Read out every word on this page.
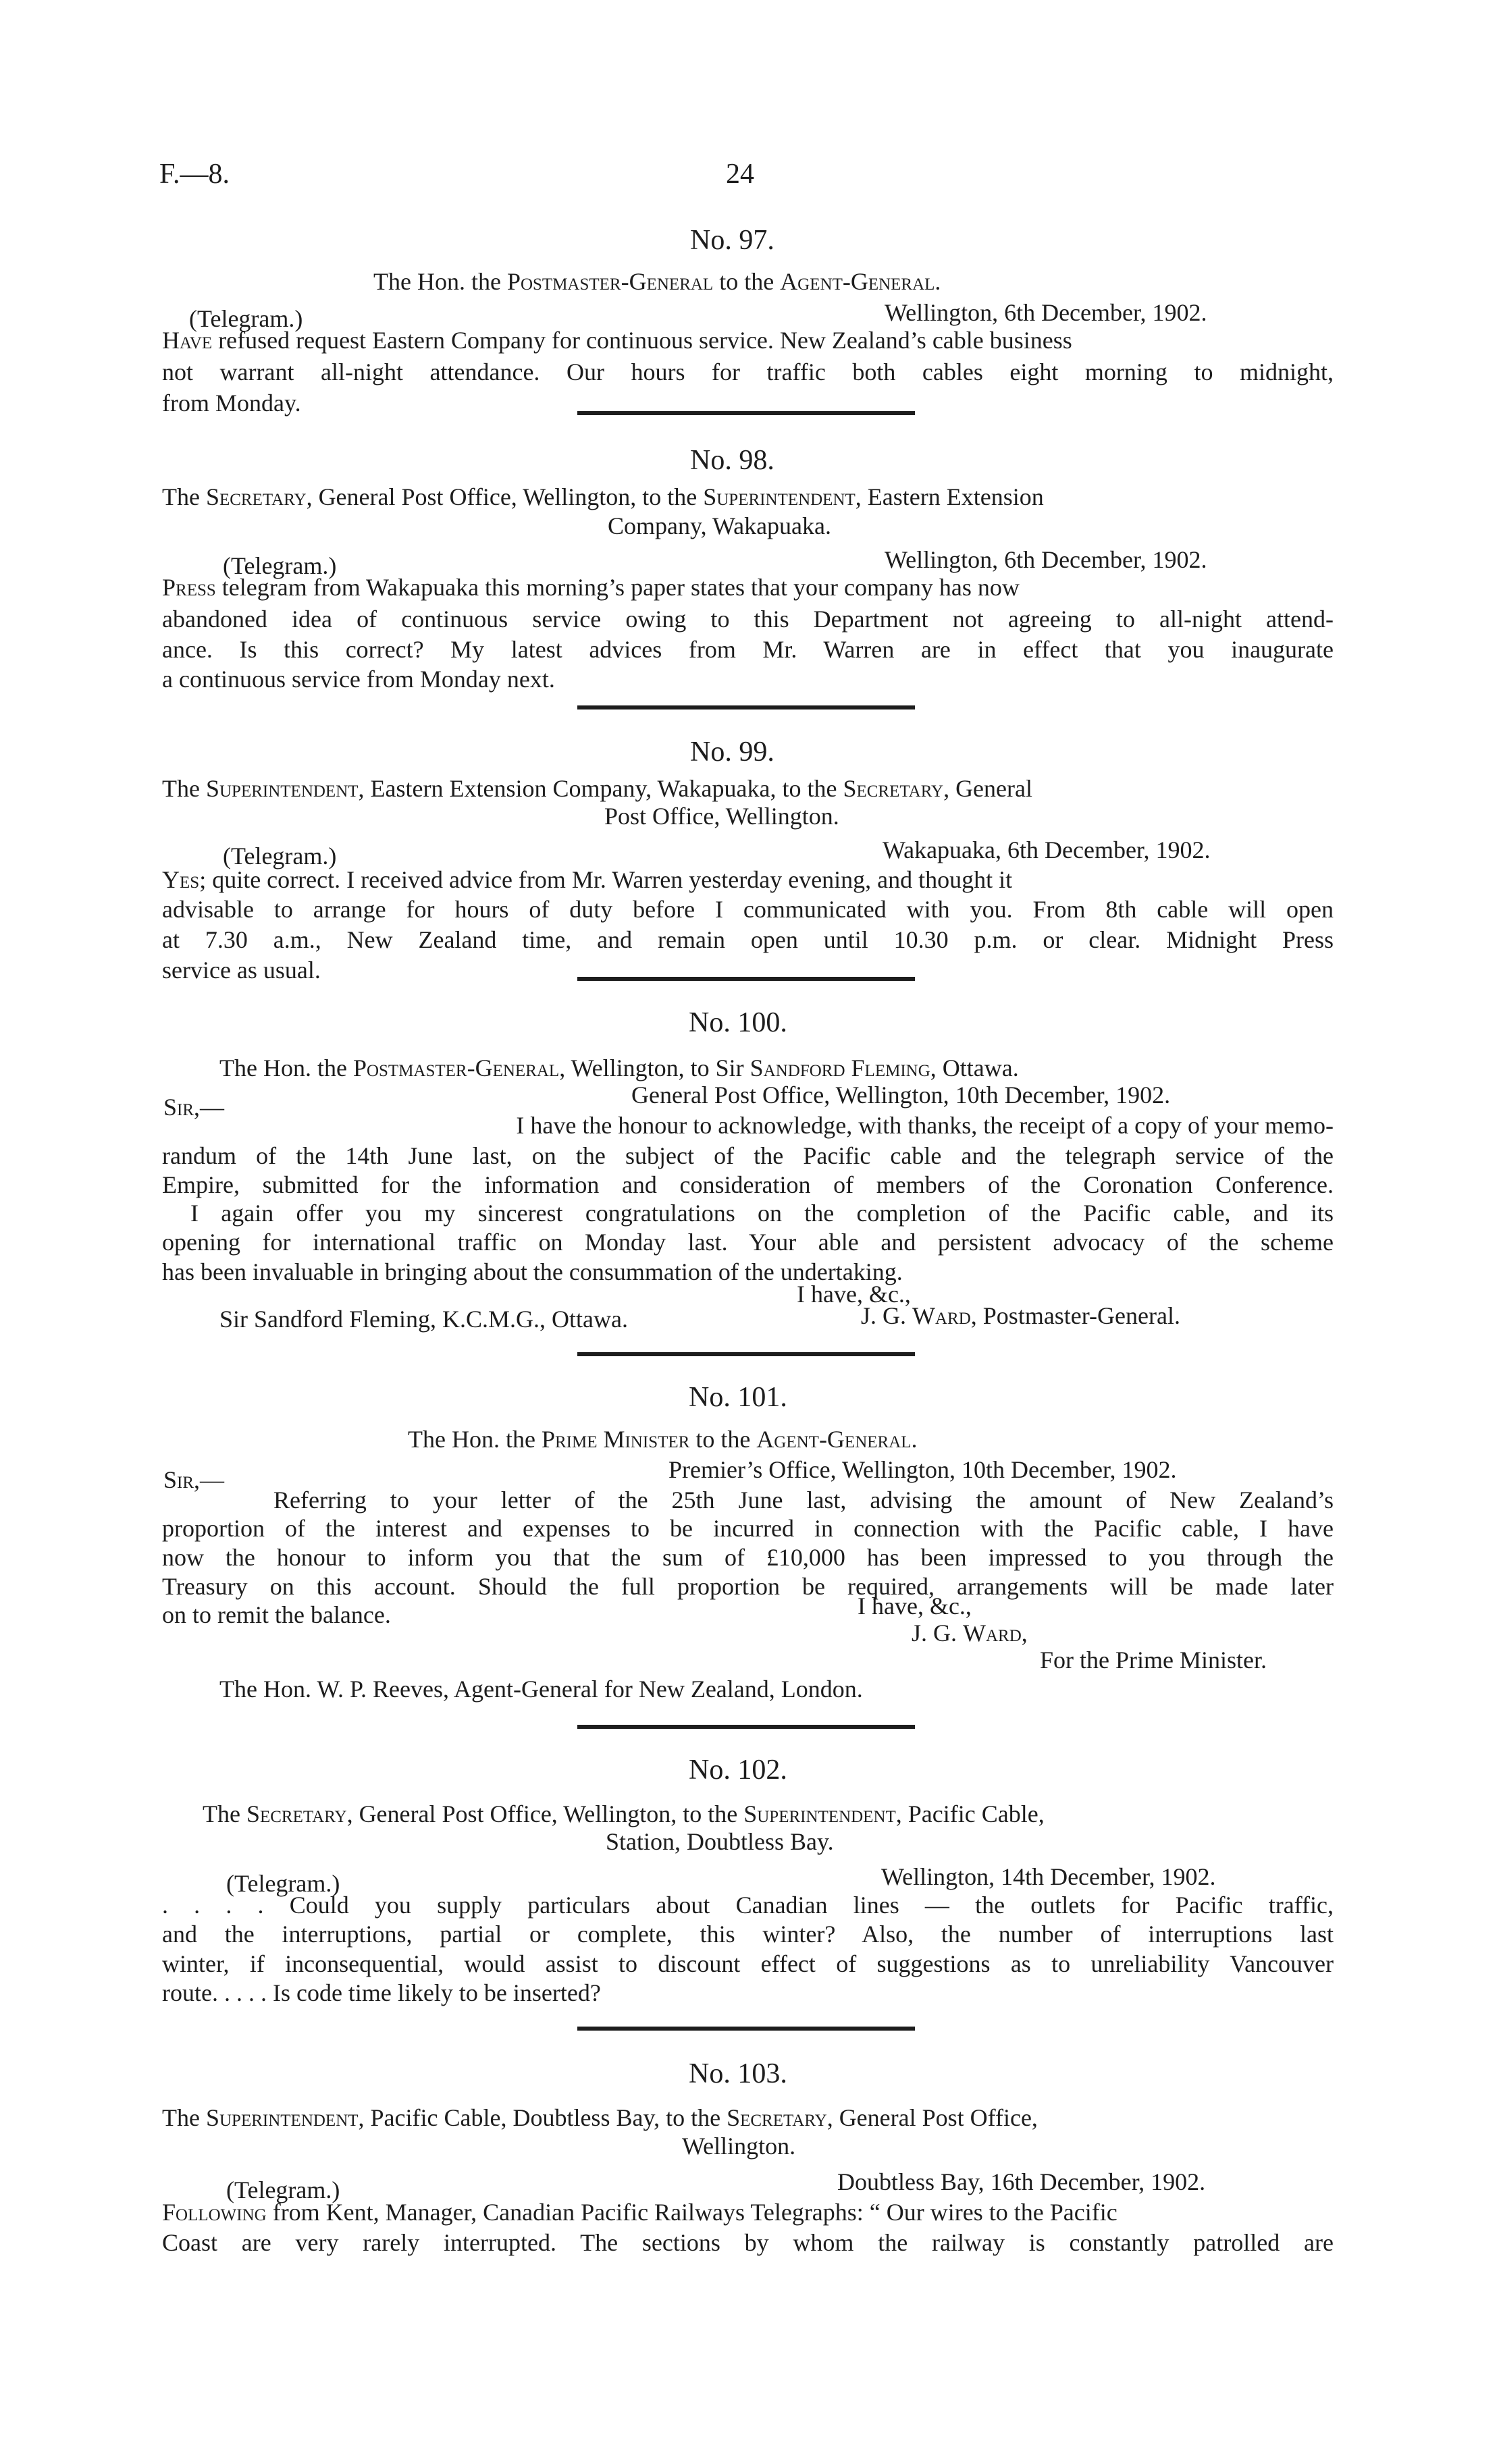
F.—8.	24
No. 97.
The Hon. the Postmaster-General to the Agent-General.
(Telegram.)	Wellington, 6th December, 1902.
Have refused request Eastern Company for continuous service. New Zealand’s cable business
not warrant all-night attendance. Our hours for traffic both cables eight morning to midnight,
from Monday.
No. 98.
The Secretary, General Post Office, Wellington, to the Superintendent, Eastern Extension
Company, Wakapuaka.
(Telegram.)	Wellington, 6th December, 1902.
Press telegram from Wakapuaka this morning’s paper states that your company has now
abandoned idea of continuous service owing to this Department not agreeing to all-night attend-
ance. Is this correct? My latest advices from Mr. Warren are in effect that you inaugurate
a continuous service from Monday next.
No. 99.
The Superintendent, Eastern Extension Company, Wakapuaka, to the Secretary, General
Post Office, Wellington.
(Telegram.)	Wakapuaka, 6th December, 1902.
Yes; quite correct. I received advice from Mr. Warren yesterday evening, and thought it
advisable to arrange for hours of duty before I communicated with you. From 8th cable will open
at 7.30 a.m., New Zealand time, and remain open until 10.30 p.m. or clear. Midnight Press
service as usual.
No. 100.
The Hon. the Postmaster-General, Wellington, to Sir Sandford Fleming, Ottawa.
Sir,—	General Post Office, Wellington, 10th December, 1902.
I have the honour to acknowledge, with thanks, the receipt of a copy of your memo-
randum of the 14th June last, on the subject of the Pacific cable and the telegraph service of the
Empire, submitted for the information and consideration of members of the Coronation Conference.
I again offer you my sincerest congratulations on the completion of the Pacific cable, and its
opening for international traffic on Monday last. Your able and persistent advocacy of the scheme
has been invaluable in bringing about the consummation of the undertaking.
I have, &c.,
Sir Sandford Fleming, K.C.M.G., Ottawa.	J. G. Ward, Postmaster-General.
No. 101.
The Hon. the Prime Minister to the Agent-General.
Sir,—	Premier’s Office, Wellington, 10th December, 1902.
Referring to your letter of the 25th June last, advising the amount of New Zealand’s
proportion of the interest and expenses to be incurred in connection with the Pacific cable, I have
now the honour to inform you that the sum of £10,000 has been impressed to you through the
Treasury on this account. Should the full proportion be required, arrangements will be made later
on to remit the balance.	I have, &c.,
J. G. Ward,
For the Prime Minister.
The Hon. W. P. Reeves, Agent-General for New Zealand, London.
No. 102.
The Secretary, General Post Office, Wellington, to the Superintendent, Pacific Cable,
Station, Doubtless Bay.
(Telegram.)	Wellington, 14th December, 1902.
. . . . Could you supply particulars about Canadian lines — the outlets for Pacific traffic,
and the interruptions, partial or complete, this winter? Also, the number of interruptions last
winter, if inconsequential, would assist to discount effect of suggestions as to unreliability Vancouver
route. . . . . Is code time likely to be inserted?
No. 103.
The Superintendent, Pacific Cable, Doubtless Bay, to the Secretary, General Post Office,
Wellington.
(Telegram.)	Doubtless Bay, 16th December, 1902.
Following from Kent, Manager, Canadian Pacific Railways Telegraphs: “ Our wires to the Pacific
Coast are very rarely interrupted. The sections by whom the railway is constantly patrolled are
